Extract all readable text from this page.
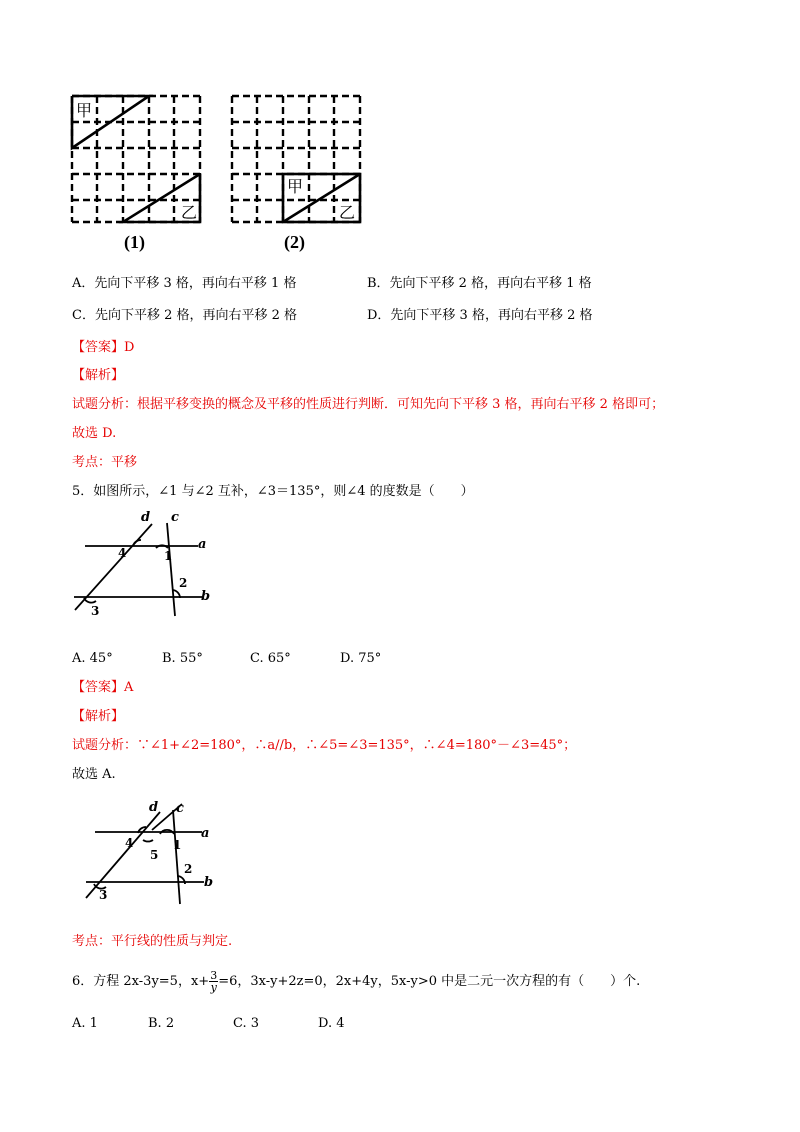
甲
乙
(1)
甲
乙
(2)
A．先向下平移 3 格，再向右平移 1 格	B．先向下平移 2 格，再向右平移 1 格
C．先向下平移 2 格，再向右平移 2 格	D．先向下平移 3 格，再向右平移 2 格
【答案】D
【解析】
试题分析：根据平移变换的概念及平移的性质进行判断．可知先向下平移 3 格，再向右平移 2 格即可；
故选 D.
考点：平移
5．如图所示，∠1 与∠2 互补，∠3＝135°，则∠4 的度数是（　　）
d c
a
b
4	1
2
3
A. 45°	B. 55°	C. 65°	D. 75°
【答案】A
【解析】
试题分析：∵∠1+∠2=180°，∴a//b，∴∠5=∠3=135°，∴∠4=180°－∠3=45°；
故选 A.
d c
a
b
4
5
1
2
3
考点：平行线的性质与判定.
6．方程 2x-3y=5，$x+ \frac{3}{y} =6$，3x-y+2z=0，2x+4y，5x-y>0 中是二元一次方程的有（　　）个.
A. 1	B. 2	C. 3	D. 4
